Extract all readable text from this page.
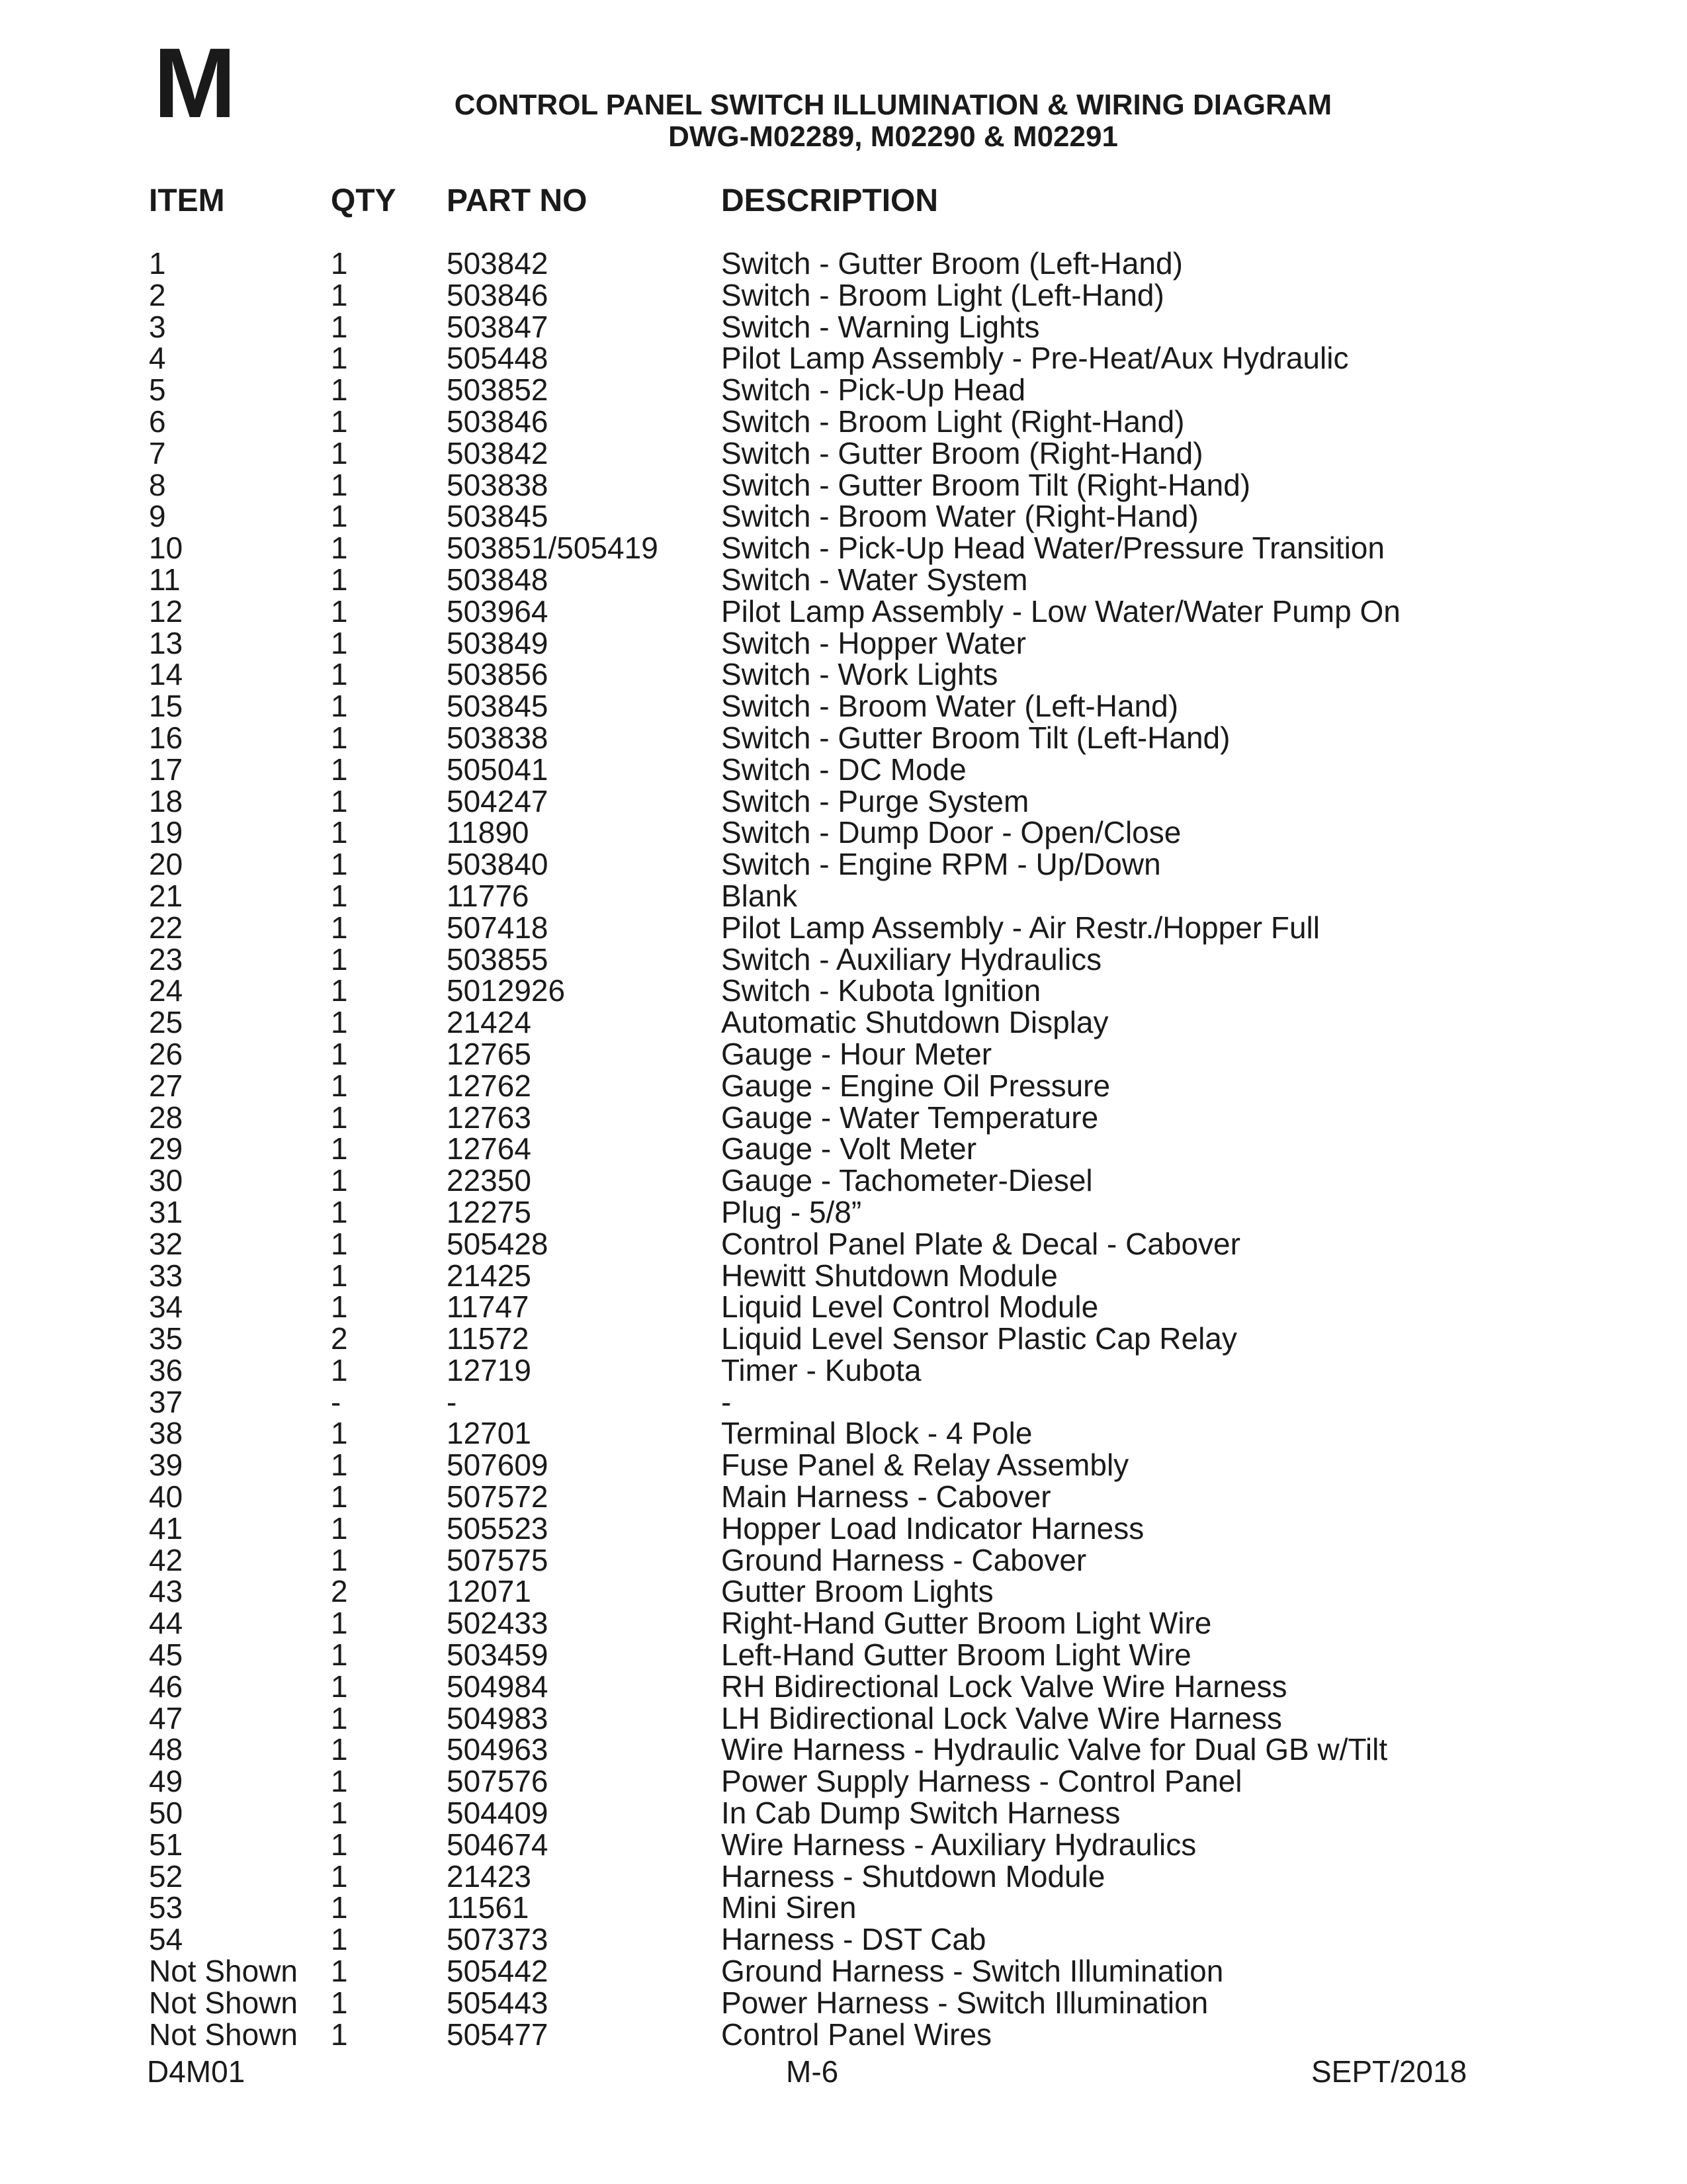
M	CONTROL PANEL SWITCH ILLUMINATION & WIRING DIAGRAM
DWG-M02289, M02290 & M02291
ITEM	QTY PART NO	DESCRIPTION
1	1	503842	Switch - Gutter Broom (Left-Hand)
2	1	503846	Switch - Broom Light (Left-Hand)
3	1	503847	Switch - Warning Lights
4	1	505448	Pilot Lamp Assembly - Pre-Heat/Aux Hydraulic
5	1	503852	Switch - Pick-Up Head
6	1	503846	Switch - Broom Light (Right-Hand)
7	1	503842	Switch - Gutter Broom (Right-Hand)
8	1	503838	Switch - Gutter Broom Tilt (Right-Hand)
9	1	503845	Switch - Broom Water (Right-Hand)
10	1	503851/505419 Switch - Pick-Up Head Water/Pressure Transition
11	1	503848	Switch - Water System
12	1	503964	Pilot Lamp Assembly - Low Water/Water Pump On
13	1	503849	Switch - Hopper Water
14	1	503856	Switch - Work Lights
15	1	503845	Switch - Broom Water (Left-Hand)
16	1	503838	Switch - Gutter Broom Tilt (Left-Hand)
17	1	505041	Switch - DC Mode
18	1	504247	Switch - Purge System
19	1	11890	Switch - Dump Door - Open/Close
20	1	503840	Switch - Engine RPM - Up/Down
21	1	11776	Blank
22	1	507418	Pilot Lamp Assembly - Air Restr./Hopper Full
23	1	503855	Switch - Auxiliary Hydraulics
24	1	5012926	Switch - Kubota Ignition
25	1	21424	Automatic Shutdown Display
26	1	12765	Gauge - Hour Meter
27	1	12762	Gauge - Engine Oil Pressure
28	1	12763	Gauge - Water Temperature
29	1	12764	Gauge - Volt Meter
30	1	22350	Gauge - Tachometer-Diesel
31	1	12275	Plug - 5/8”
32	1	505428	Control Panel Plate & Decal - Cabover
33	1	21425	Hewitt Shutdown Module
34	1	11747	Liquid Level Control Module
35	2	11572	Liquid Level Sensor Plastic Cap Relay
36	1	12719	Timer - Kubota
37	-	-	-
38	1	12701	Terminal Block - 4 Pole
39	1	507609	Fuse Panel & Relay Assembly
40	1	507572	Main Harness - Cabover
41	1	505523	Hopper Load Indicator Harness
42	1	507575	Ground Harness - Cabover
43	2	12071	Gutter Broom Lights
44	1	502433	Right-Hand Gutter Broom Light Wire
45	1	503459	Left-Hand Gutter Broom Light Wire
46	1	504984	RH Bidirectional Lock Valve Wire Harness
47	1	504983	LH Bidirectional Lock Valve Wire Harness
48	1	504963	Wire Harness - Hydraulic Valve for Dual GB w/Tilt
49	1	507576	Power Supply Harness - Control Panel
50	1	504409	In Cab Dump Switch Harness
51	1	504674	Wire Harness - Auxiliary Hydraulics
52	1	21423	Harness - Shutdown Module
53	1	11561	Mini Siren
54	1	507373	Harness - DST Cab
Not Shown 1	505442	Ground Harness - Switch Illumination
Not Shown 1	505443	Power Harness - Switch Illumination
Not Shown 1	505477	Control Panel Wires
D4M01	M-6	SEPT/2018
